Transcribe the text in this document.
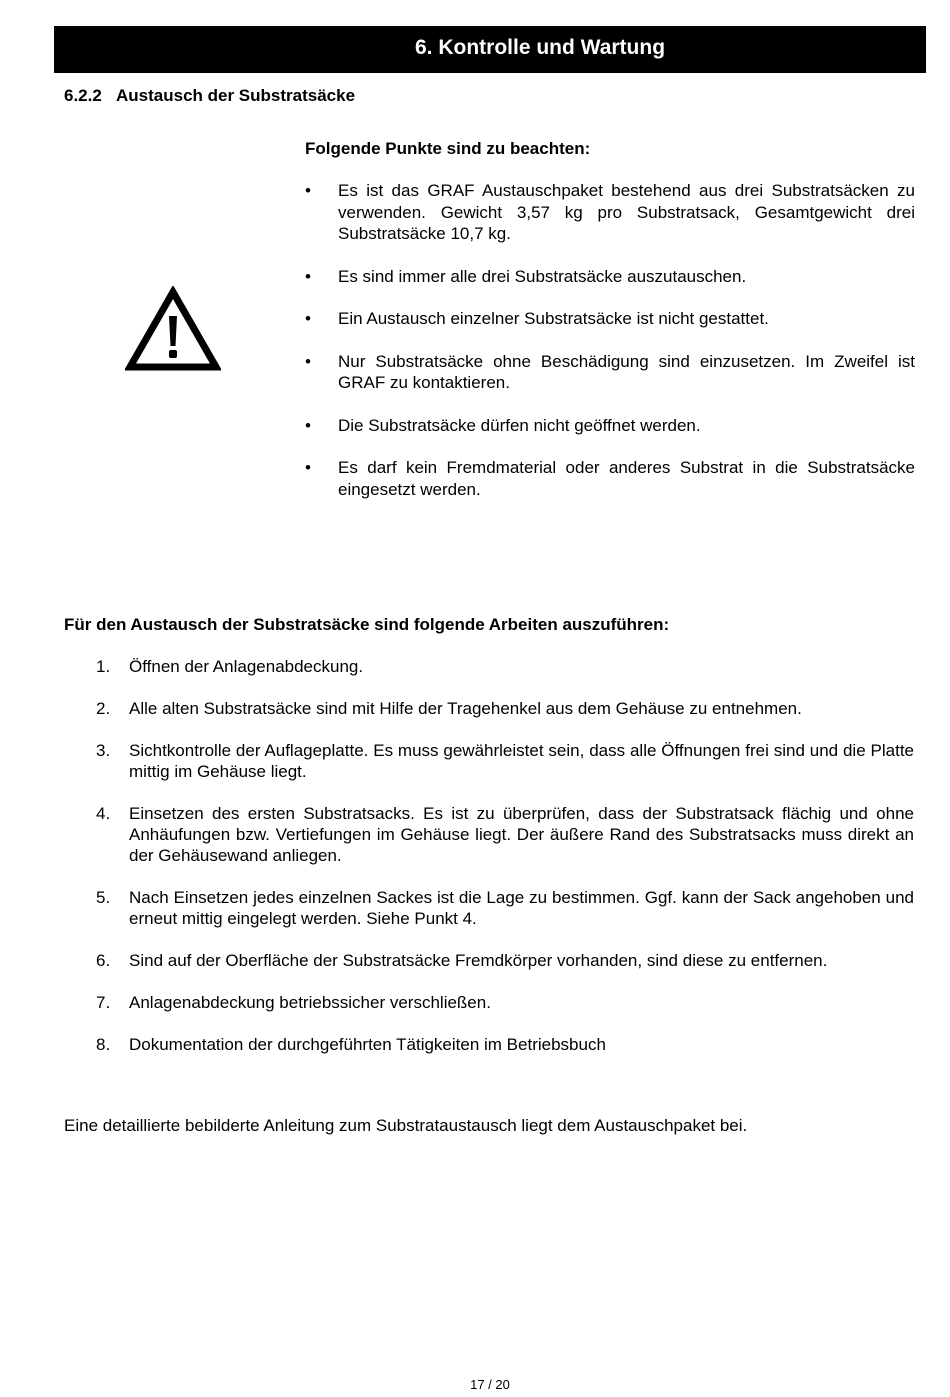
6. Kontrolle und Wartung
6.2.2 Austausch der Substratsäcke
Folgende Punkte sind zu beachten:
•	Es ist das GRAF Austauschpaket bestehend aus drei Substratsäcken zu verwenden. Gewicht 3,57 kg pro Substratsack, Gesamtgewicht drei Substratsäcke 10,7 kg.
•	Es sind immer alle drei Substratsäcke auszutauschen.
•	Ein Austausch einzelner Substratsäcke ist nicht gestattet.
•	Nur Substratsäcke ohne Beschädigung sind einzusetzen. Im Zweifel ist GRAF zu kontaktieren.
•	Die Substratsäcke dürfen nicht geöffnet werden.
•	Es darf kein Fremdmaterial oder anderes Substrat in die Substratsäcke eingesetzt werden.
Für den Austausch der Substratsäcke sind folgende Arbeiten auszuführen:
1.	Öffnen der Anlagenabdeckung.
2.	Alle alten Substratsäcke sind mit Hilfe der Tragehenkel aus dem Gehäuse zu entnehmen.
3.	Sichtkontrolle der Auflageplatte. Es muss gewährleistet sein, dass alle Öffnungen frei sind und die Platte mittig im Gehäuse liegt.
4.	Einsetzen des ersten Substratsacks. Es ist zu überprüfen, dass der Substratsack flächig und ohne Anhäufungen bzw. Vertiefungen im Gehäuse liegt. Der äußere Rand des Substratsacks muss direkt an der Gehäusewand anliegen.
5.	Nach Einsetzen jedes einzelnen Sackes ist die Lage zu bestimmen. Ggf. kann der Sack angehoben und erneut mittig eingelegt werden. Siehe Punkt 4.
6.	Sind auf der Oberfläche der Substratsäcke Fremdkörper vorhanden, sind diese zu entfernen.
7.	Anlagenabdeckung betriebssicher verschließen.
8.	Dokumentation der durchgeführten Tätigkeiten im Betriebsbuch
Eine detaillierte bebilderte Anleitung zum Substrataustausch liegt dem Austauschpaket bei.
17 / 20
